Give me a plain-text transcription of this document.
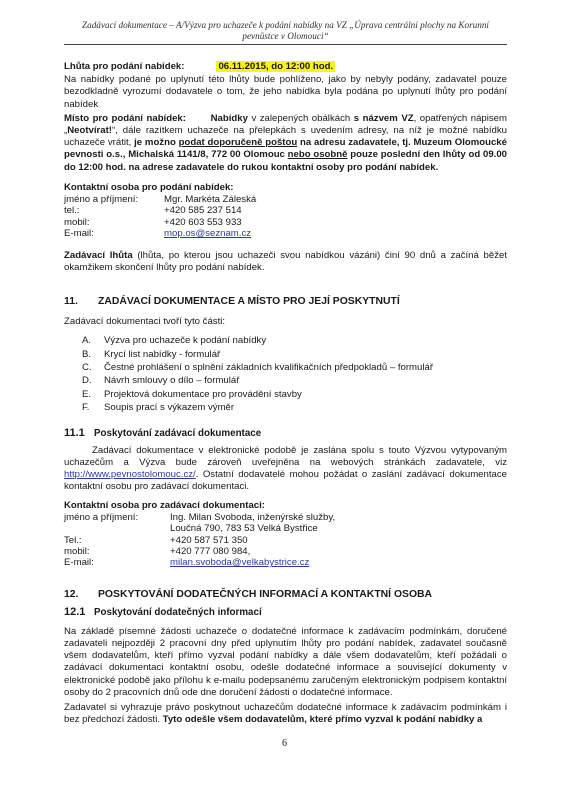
Zadávací dokumentace – A/Výzva pro uchazeče k podání nabídky na VZ „Úprava centrální plochy na Korunní
pevnůstce v Olomouci“

Lhůta pro podání nabídek:	06.11.2015, do 12:00 hod.

Na nabídky podané po uplynutí této lhůty bude pohlíženo, jako by nebyly podány, zadavatel pouze bezodkladně vyrozumí dodavatele o tom, že jeho nabídka byla podána po uplynutí lhůty pro podání nabídek

Místo pro podání nabídek:	Nabídky v zalepených obálkách s názvem VZ, opatřených nápisem „Neotvírat!“, dále razítkem uchazeče na přelepkách s uvedením adresy, na níž je možné nabídku uchazeče vrátit, je možno podat doporučeně poštou na adresu zadavatele, tj. Muzeum Olomoucké pevnosti o.s., Michalská 1141/8, 772 00 Olomouc nebo osobně pouze poslední den lhůty od 09.00 do 12:00 hod. na adrese zadavatele do rukou kontaktní osoby pro podání nabídek.

Kontaktní osoba pro podání nabídek:

jméno a příjmení:	Mgr. Markéta Záleská
tel.:	+420 585 237 514
mobil:	+420 603 553 933
E-mail:	mop.os@seznam.cz

Zadávací lhůta (lhůta, po kterou jsou uchazeči svou nabídkou vázáni) činí 90 dnů a začíná běžet okamžikem skončení lhůty pro podání nabídek.

11.	ZADÁVACÍ DOKUMENTACE A MÍSTO PRO JEJÍ POSKYTNUTÍ

Zadávací dokumentaci tvoří tyto části:

A.	Výzva pro uchazeče k podání nabídky
B.	Krycí list nabídky - formulář
C.	Čestné prohlášení o splnění základních kvalifikačních předpokladů – formulář
D.	Návrh smlouvy o dílo – formulář
E.	Projektová dokumentace pro provádění stavby
F.	Soupis prací s výkazem výměr
11.1 Poskytování zadávací dokumentace

Zadávací dokumentace v elektronické podobě je zaslána spolu s touto Výzvou vytypovaným uchazečům a Výzva bude zároveň uveřejněna na webových stránkách zadavatele, viz http://www.pevnostolomouc.cz/. Ostatní dodavatelé mohou požádat o zaslání zadávací dokumentace kontaktní osobu pro zadávací dokumentaci.

Kontaktní osoba pro zadávací dokumentaci:

jméno a příjmení:	Ing. Milan Svoboda, inženýrské služby,
Loučná 790, 783 53 Velká Bystřice
Tel.:	+420 587 571 350
mobil:	+420 777 080 984,
E-mail:	milan.svoboda@velkabystrice.cz
12.	POSKYTOVÁNÍ DODATEČNÝCH INFORMACÍ A KONTAKTNÍ OSOBA
12.1 Poskytování dodatečných informací

Na základě písemné žádosti uchazeče o dodatečné informace k zadávacím podmínkám, doručené zadavateli nejpozději 2 pracovní dny před uplynutím lhůty pro podání nabídek, zadavatel současně všem dodavatelům, kteří přímo vyzval podání nabídky a dále všem dodavatelům, kteří požádali o zadávací dokumentaci kontaktní osobu, odešle dodatečné informace a související dokumenty v elektronické podobě jako přílohu k e-mailu podepsanému zaručeným elektronickým podpisem kontaktní osoby do 2 pracovních dnů ode dne doručení žádosti o dodatečné informace.

Zadavatel si vyhrazuje právo poskytnout uchazečům dodatečné informace k zadávacím podmínkám i bez předchozí žádosti. Tyto odešle všem dodavatelům, které přímo vyzval k podání nabídky a

6
